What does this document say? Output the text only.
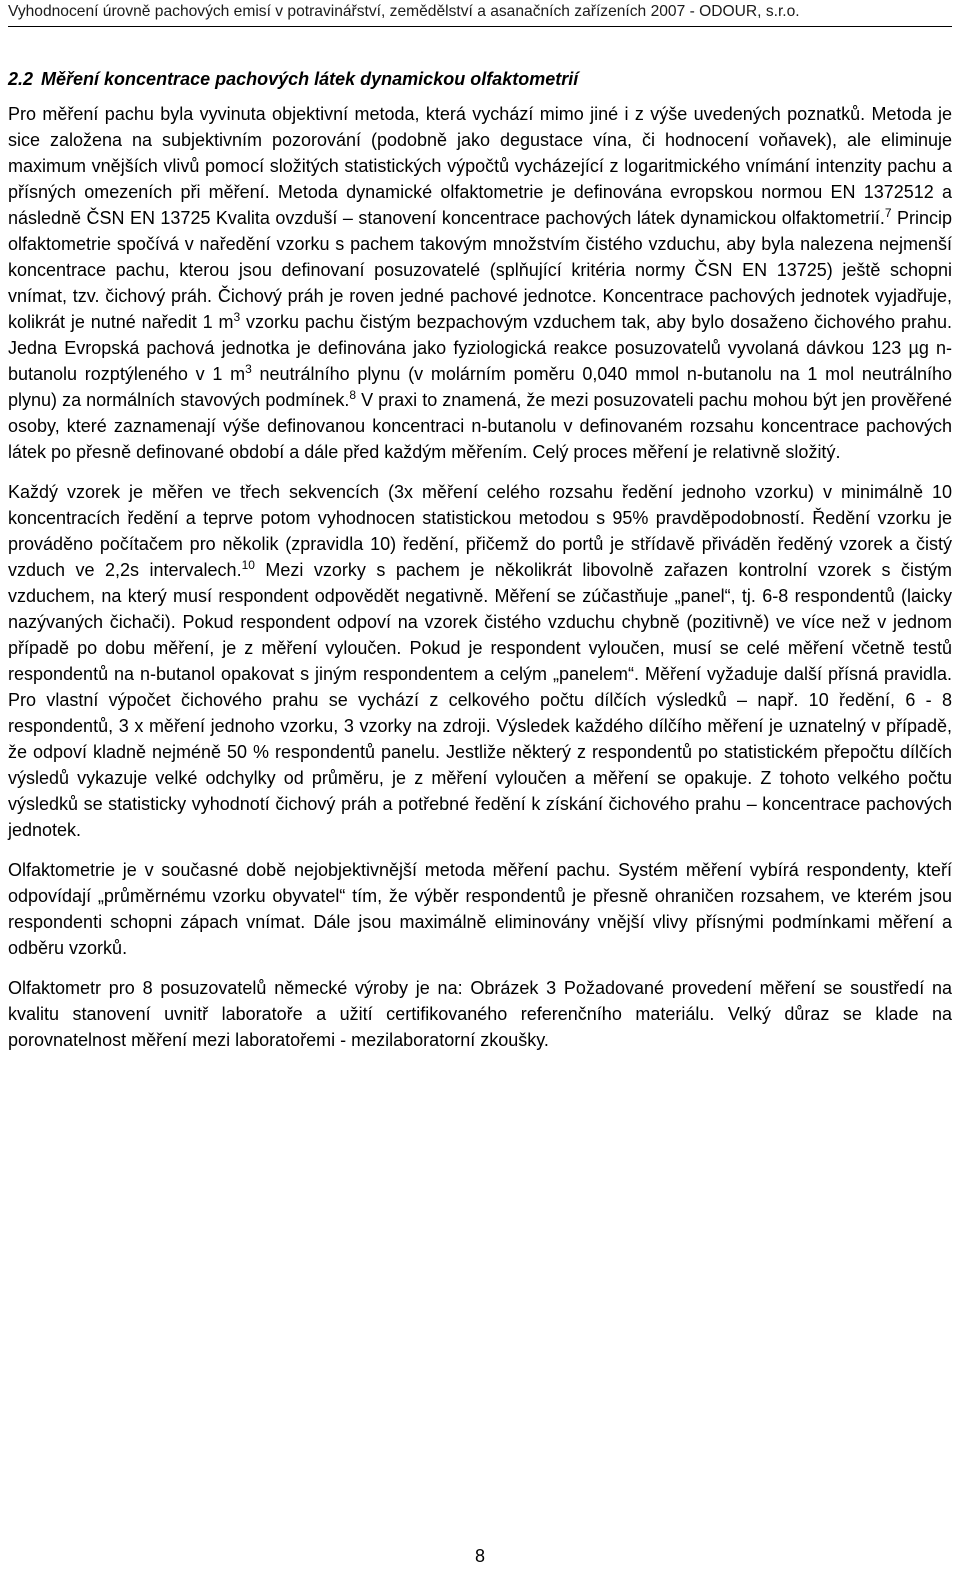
Vyhodnocení úrovně pachových emisí v potravinářství, zemědělství a asanačních zařízeních 2007 - ODOUR, s.r.o.
2.2 Měření koncentrace pachových látek dynamickou olfaktometrií

Pro měření pachu byla vyvinuta objektivní metoda, která vychází mimo jiné i z výše uvedených poznatků. Metoda je sice založena na subjektivním pozorování (podobně jako degustace vína, či hodnocení voňavek), ale eliminuje maximum vnějších vlivů pomocí složitých statistických výpočtů vycházející z logaritmického vnímání intenzity pachu a přísných omezeních při měření. Metoda dynamické olfaktometrie je definována evropskou normou EN 1372512 a následně ČSN EN 13725 Kvalita ovzduší – stanovení koncentrace pachových látek dynamickou olfaktometrií.$^7$ Princip olfaktometrie spočívá v naředění vzorku s pachem takovým množstvím čistého vzduchu, aby byla nalezena nejmenší koncentrace pachu, kterou jsou definovaní posuzovatelé (splňující kritéria normy ČSN EN 13725) ještě schopni vnímat, tzv. čichový práh. Čichový práh je roven jedné pachové jednotce. Koncentrace pachových jednotek vyjadřuje, kolikrát je nutné naředit 1 $m^3$ vzorku pachu čistým bezpachovým vzduchem tak, aby bylo dosaženo čichového prahu. Jedna Evropská pachová jednotka je definována jako fyziologická reakce posuzovatelů vyvolaná dávkou 123 µg n-butanolu rozptýleného v 1 $m^3$ neutrálního plynu (v molárním poměru 0,040 mmol n-butanolu na 1 mol neutrálního plynu) za normálních stavových podmínek.$^8$ V praxi to znamená, že mezi posuzovateli pachu mohou být jen prověřené osoby, které zaznamenají výše definovanou koncentraci n-butanolu v definovaném rozsahu koncentrace pachových látek po přesně definované období a dále před každým měřením. Celý proces měření je relativně složitý.

Každý vzorek je měřen ve třech sekvencích (3x měření celého rozsahu ředění jednoho vzorku) v minimálně 10 koncentracích ředění a teprve potom vyhodnocen statistickou metodou s 95% pravděpodobností. Ředění vzorku je prováděno počítačem pro několik (zpravidla 10) ředění, přičemž do portů je střídavě přiváděn ředěný vzorek a čistý vzduch ve 2,2s intervalech.$^{10}$ Mezi vzorky s pachem je několikrát libovolně zařazen kontrolní vzorek s čistým vzduchem, na který musí respondent odpovědět negativně. Měření se zúčastňuje „panel“, tj. 6-8 respondentů (laicky nazývaných čichači). Pokud respondent odpoví na vzorek čistého vzduchu chybně (pozitivně) ve více než v jednom případě po dobu měření, je z měření vyloučen. Pokud je respondent vyloučen, musí se celé měření včetně testů respondentů na n-butanol opakovat s jiným respondentem a celým „panelem“. Měření vyžaduje další přísná pravidla. Pro vlastní výpočet čichového prahu se vychází z celkového počtu dílčích výsledků – např. 10 ředění, 6 - 8 respondentů, 3 x měření jednoho vzorku, 3 vzorky na zdroji. Výsledek každého dílčího měření je uznatelný v případě, že odpoví kladně nejméně 50 % respondentů panelu. Jestliže některý z respondentů po statistickém přepočtu dílčích výsledů vykazuje velké odchylky od průměru, je z měření vyloučen a měření se opakuje. Z tohoto velkého počtu výsledků se statisticky vyhodnotí čichový práh a potřebné ředění k získání čichového prahu – koncentrace pachových jednotek.

Olfaktometrie je v současné době nejobjektivnější metoda měření pachu. Systém měření vybírá respondenty, kteří odpovídají „průměrnému vzorku obyvatel“ tím, že výběr respondentů je přesně ohraničen rozsahem, ve kterém jsou respondenti schopni zápach vnímat. Dále jsou maximálně eliminovány vnější vlivy přísnými podmínkami měření a odběru vzorků.

Olfaktometr pro 8 posuzovatelů německé výroby je na: Obrázek 3 Požadované provedení měření se soustředí na kvalitu stanovení uvnitř laboratoře a užití certifikovaného referenčního materiálu. Velký důraz se klade na porovnatelnost měření mezi laboratořemi - mezilaboratorní zkoušky.

8
